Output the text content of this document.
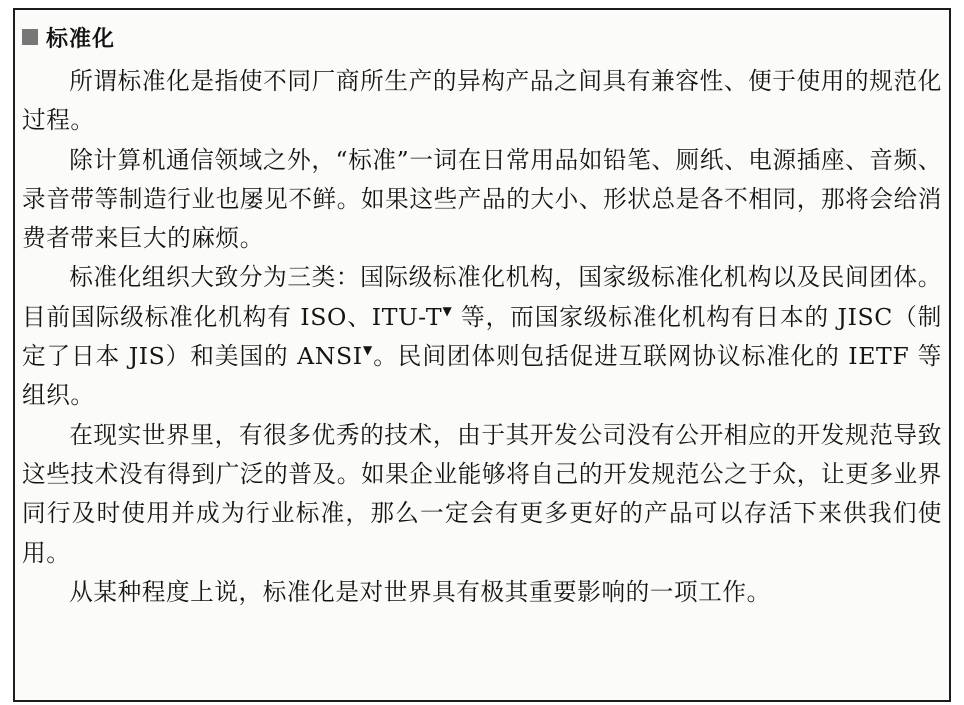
标准化

所谓标准化是指使不同厂商所生产的异构产品之间具有兼容性、便于使用的规范化过程。

除计算机通信领域之外，“标准”一词在日常用品如铅笔、厕纸、电源插座、音频、录音带等制造行业也屡见不鲜。如果这些产品的大小、形状总是各不相同，那将会给消费者带来巨大的麻烦。

标准化组织大致分为三类：国际级标准化机构，国家级标准化机构以及民间团体。目前国际级标准化机构有 ISO、ITU-T▼ 等，而国家级标准化机构有日本的 JISC（制定了日本 JIS）和美国的 ANSI▼。民间团体则包括促进互联网协议标准化的 IETF 等组织。

在现实世界里，有很多优秀的技术，由于其开发公司没有公开相应的开发规范导致这些技术没有得到广泛的普及。如果企业能够将自己的开发规范公之于众，让更多业界同行及时使用并成为行业标准，那么一定会有更多更好的产品可以存活下来供我们使用。

从某种程度上说，标准化是对世界具有极其重要影响的一项工作。
